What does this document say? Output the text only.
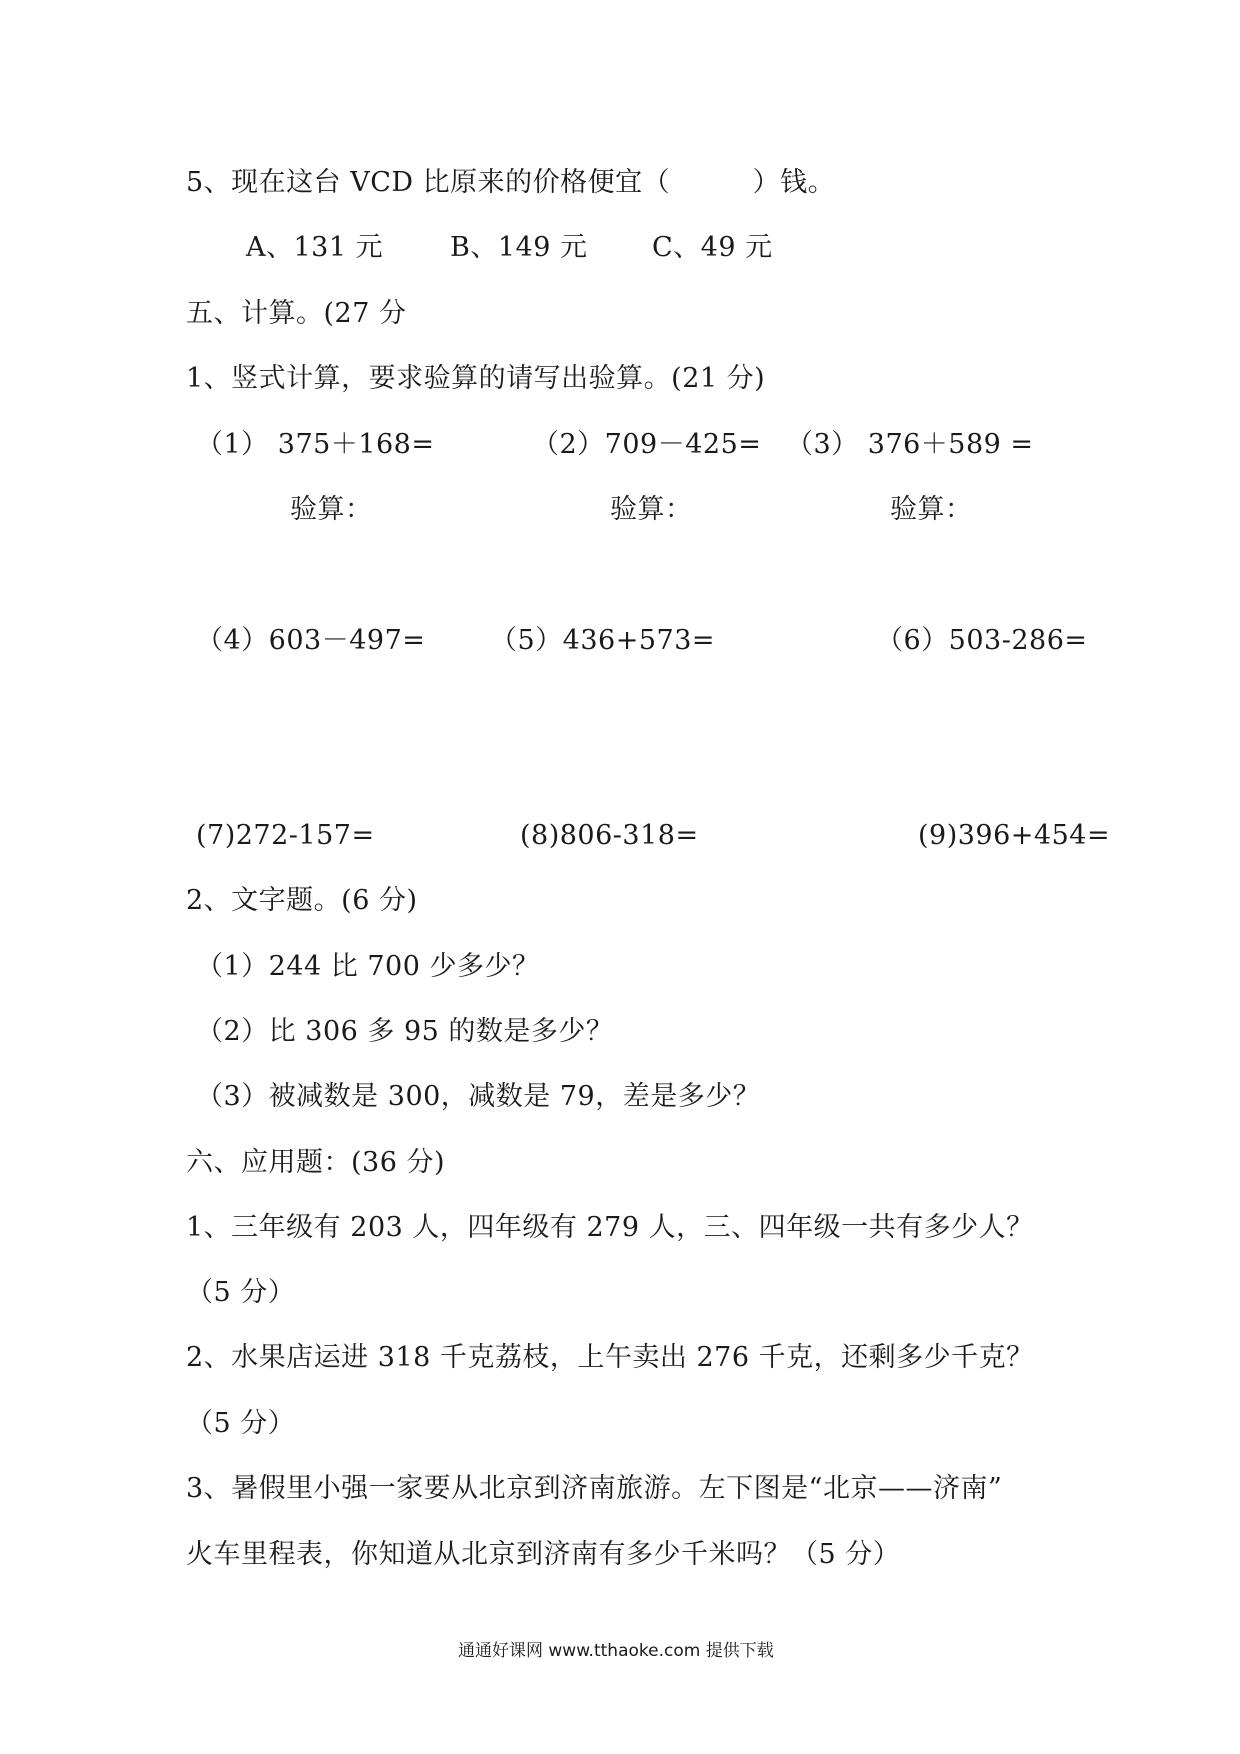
5、现在这台 VCD 比原来的价格便宜（　　　）钱。
A、131 元 B、149 元 C、49 元
五、计算。(27 分
1、竖式计算，要求验算的请写出验算。(21 分)
（1） 375＋168=	（2）709－425= （3） 376＋589 =
验算：	验算：	验算：
（4）603－497= （5）436+573=	（6）503-286=
(7)272-157=	(8)806-318=	(9)396+454=
2、文字题。(6 分)
（1）244 比 700 少多少？
（2）比 306 多 95 的数是多少？
（3）被减数是 300，减数是 79，差是多少？
六、应用题：(36 分)
1、三年级有 203 人，四年级有 279 人，三、四年级一共有多少人？
（5 分）
2、水果店运进 318 千克荔枝，上午卖出 276 千克，还剩多少千克？
（5 分）
3、暑假里小强一家要从北京到济南旅游。左下图是“北京——济南”
火车里程表，你知道从北京到济南有多少千米吗？（5 分）
通通好课网 www.tthaoke.com 提供下载
